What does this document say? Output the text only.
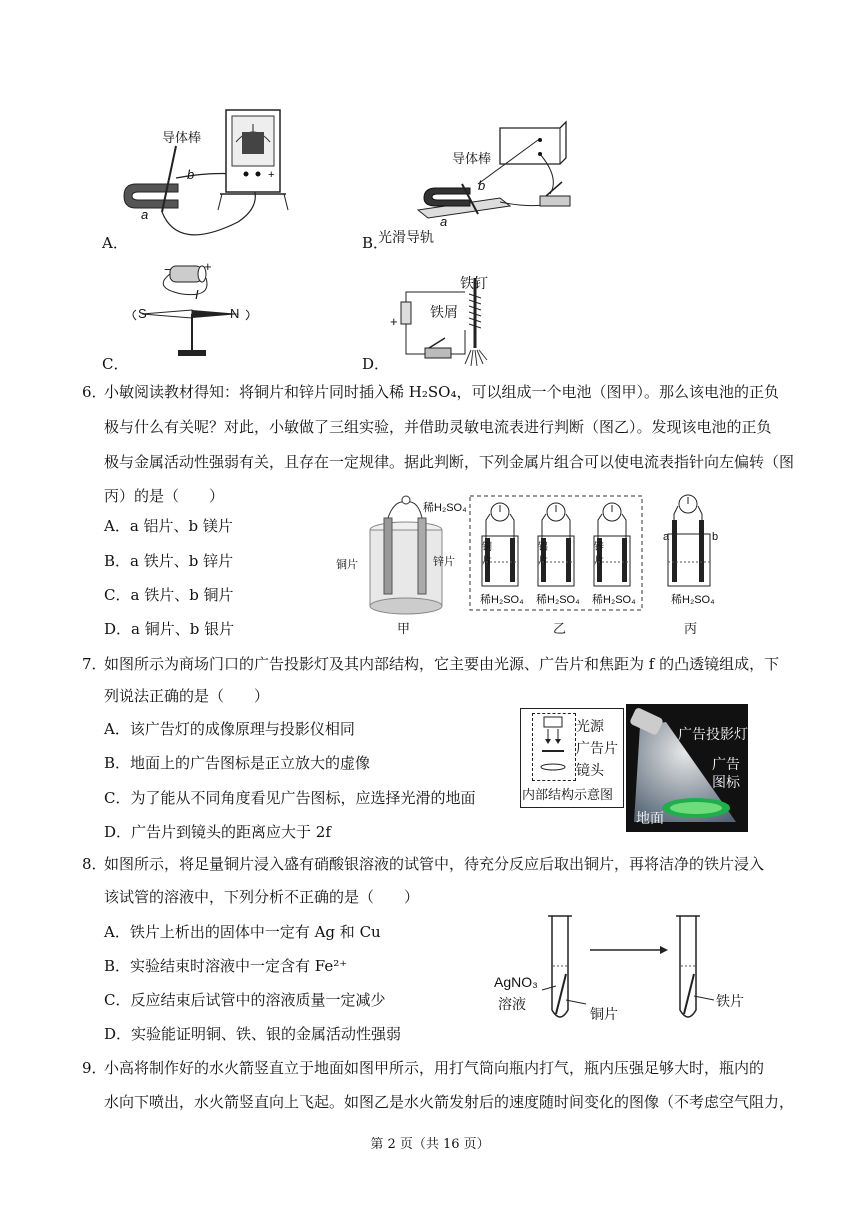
+
导体棒
b
a
A．
导体棒
b
a
光滑导轨
B．
− +
I
S	N
C．
铁钉
铁屑
+
D．
6．
小敏阅读教材得知：将铜片和锌片同时插入稀 H₂SO₄，可以组成一个电池（图甲）。那么该电池的正负
极与什么有关呢？对此，小敏做了三组实验，并借助灵敏电流表进行判断（图乙）。发现该电池的正负
极与金属活动性强弱有关，且存在一定规律。据此判断，下列金属片组合可以使电流表指针向左偏转（图
丙）的是（　　）
A．a 铝片、b 镁片
B．a 铁片、b 锌片
C．a 铁片、b 铜片
D．a 铜片、b 银片
稀H₂SO₄
铜片	锌片
铜
片
铝
片
锌
片
稀H₂SO₄ 稀H₂SO₄ 稀H₂SO₄
a	b
稀H₂SO₄
甲	乙	丙
7．
如图所示为商场门口的广告投影灯及其内部结构，它主要由光源、广告片和焦距为 f 的凸透镜组成，下
列说法正确的是（　　）
A．该广告灯的成像原理与投影仪相同
B．地面上的广告图标是正立放大的虚像
C．为了能从不同角度看见广告图标，应选择光滑的地面
D．广告片到镜头的距离应大于 2f
光源
广告片
镜头
内部结构示意图
广告投影灯
广告
图标
地面
8．
如图所示，将足量铜片浸入盛有硝酸银溶液的试管中，待充分反应后取出铜片，再将洁净的铁片浸入
该试管的溶液中，下列分析不正确的是（　　）
A．铁片上析出的固体中一定有 Ag 和 Cu
B．实验结束时溶液中一定含有 Fe²⁺
C．反应结束后试管中的溶液质量一定减少
D．实验能证明铜、铁、银的金属活动性强弱
AgNO₃
溶液
铜片
铁片
9．
小高将制作好的水火箭竖直立于地面如图甲所示，用打气筒向瓶内打气，瓶内压强足够大时，瓶内的
水向下喷出，水火箭竖直向上飞起。如图乙是水火箭发射后的速度随时间变化的图像（不考虑空气阻力，
第 2 页（共 16 页）
